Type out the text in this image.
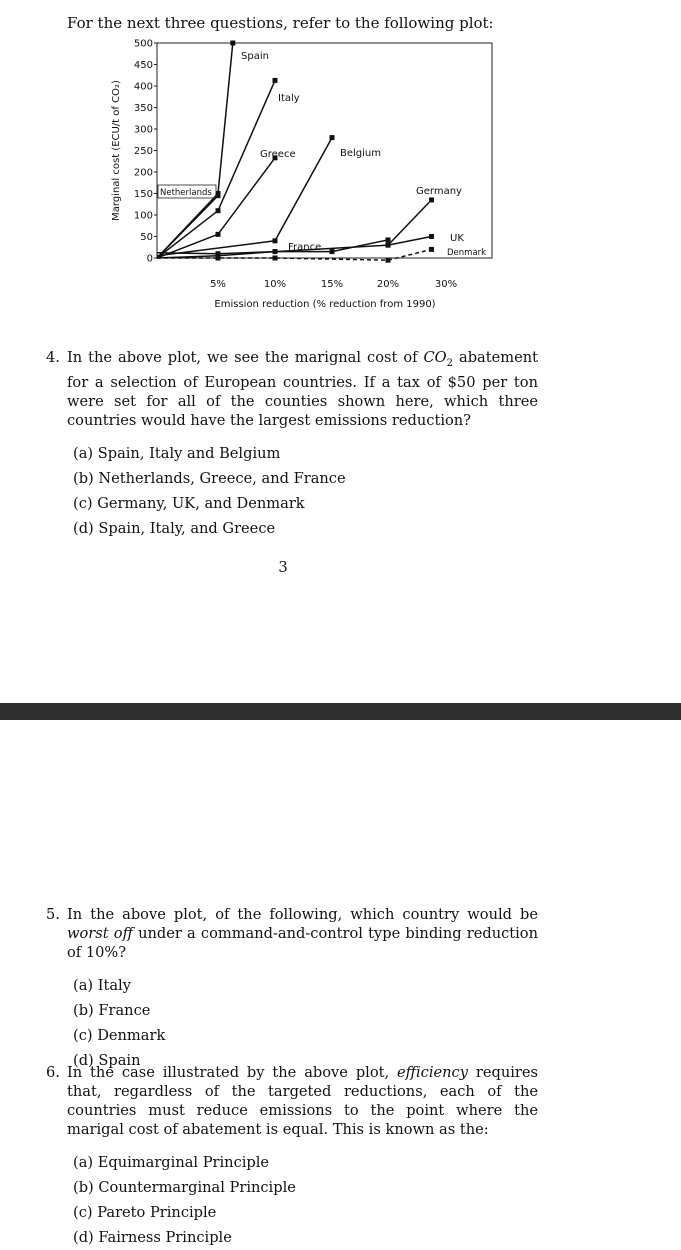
For the next three questions, refer to the following plot:
0
50
100
150
200
250
300
350
400
450
500
Marginal cost (ECU/t of CO₂)
5%	10%	15%	20%	30%
Emission reduction (% reduction from 1990)
Spain
Italy
Netherlands
Greece	Belgium
France
Germany
UK
Denmark
4. In the above plot, we see the marignal cost of $CO_2$ abatement for a selection of European countries. If a tax of $50 per ton were set for all of the counties shown here, which three countries would have the largest emissions reduction?
(a) Spain, Italy and Belgium
(b) Netherlands, Greece, and France
(c) Germany, UK, and Denmark
(d) Spain, Italy, and Greece
3
5. In the above plot, of the following, which country would be worst off under a command-and-control type binding reduction of 10%?
(a) Italy
(b) France
(c) Denmark
(d) Spain
6. In the case illustrated by the above plot, efficiency requires that, regardless of the targeted reductions, each of the countries must reduce emissions to the point where the marigal cost of abatement is equal. This is known as the:
(a) Equimarginal Principle
(b) Countermarginal Principle
(c) Pareto Principle
(d) Fairness Principle
